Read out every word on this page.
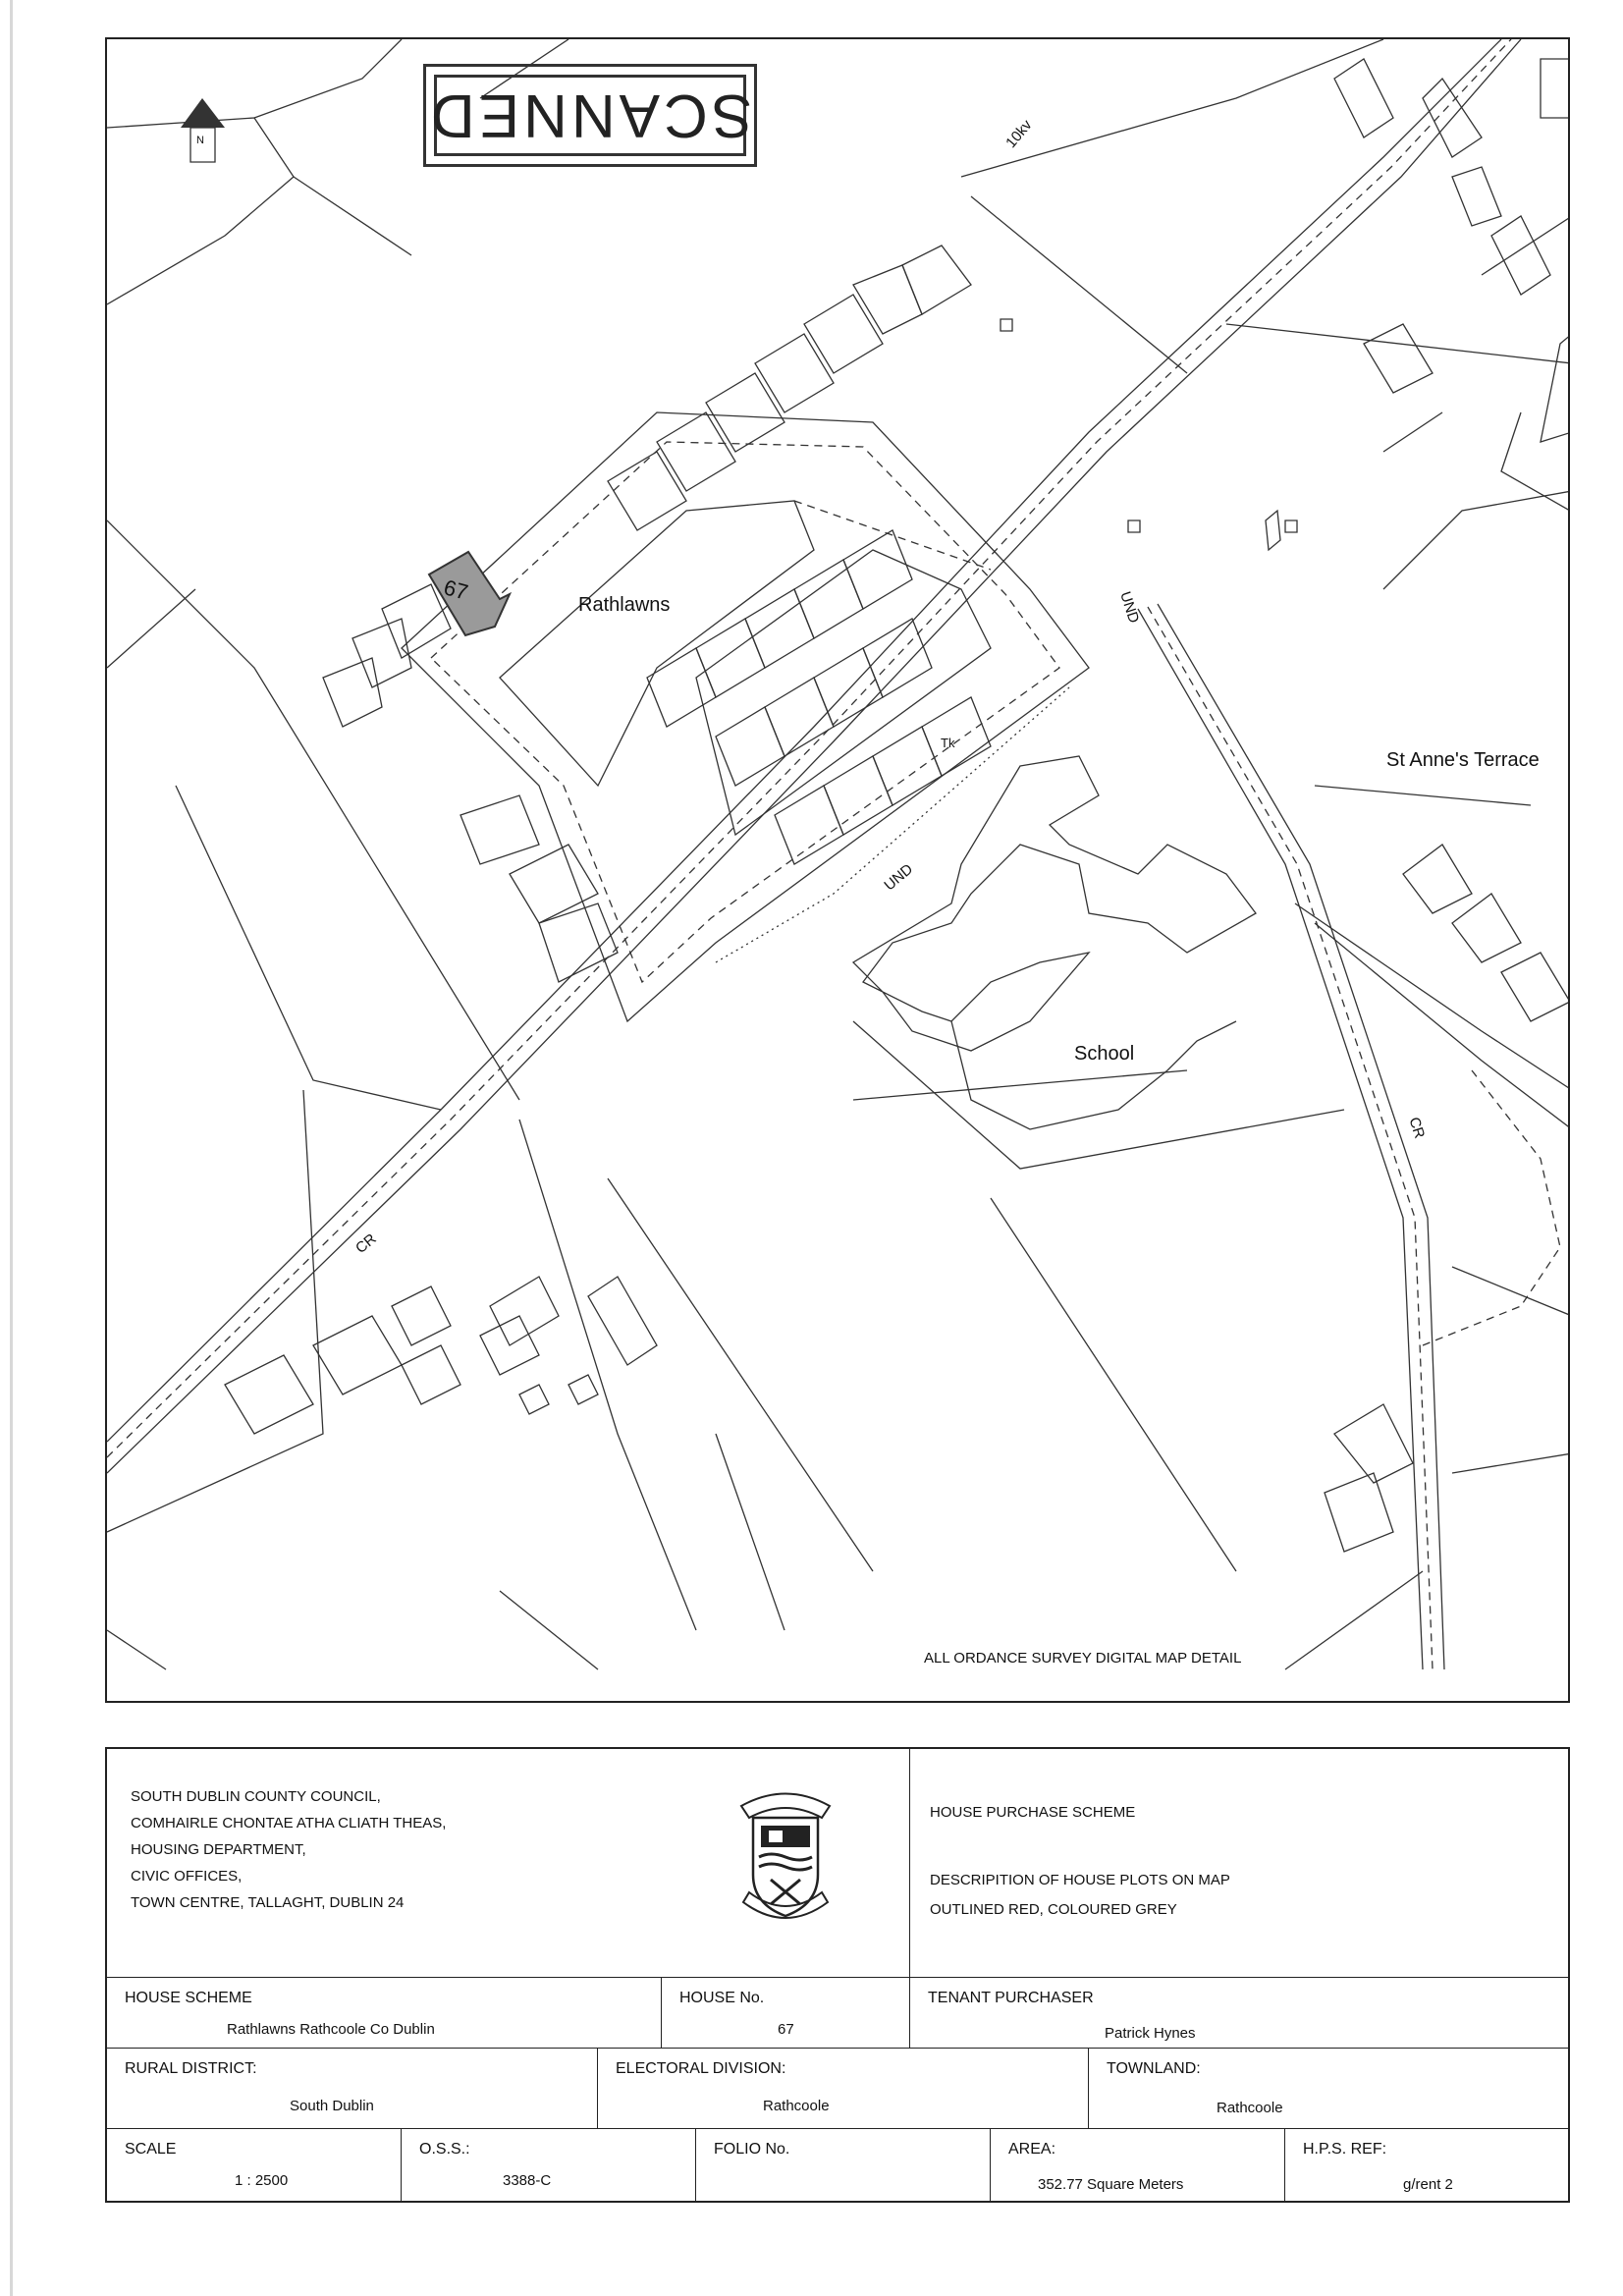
SCANNED
N
Rathlawns
St Anne's Terrace
School
10kv
UND
UND
CR
CR
Tk
67
ALL ORDANCE SURVEY DIGITAL MAP DETAIL
SOUTH DUBLIN COUNTY COUNCIL,
COMHAIRLE CHONTAE ATHA CLIATH THEAS,
HOUSING DEPARTMENT,
CIVIC OFFICES,
TOWN CENTRE, TALLAGHT, DUBLIN 24
HOUSE PURCHASE SCHEME
DESCRIPITION OF HOUSE PLOTS ON MAP
OUTLINED RED, COLOURED GREY
HOUSE SCHEME
Rathlawns Rathcoole Co Dublin
HOUSE No.
67
TENANT PURCHASER
Patrick Hynes
RURAL DISTRICT:
South Dublin
ELECTORAL DIVISION:
Rathcoole
TOWNLAND:
Rathcoole
SCALE
1 : 2500
O.S.S.:
3388-C
FOLIO No.	AREA:
352.77 Square Meters
H.P.S. REF:
g/rent 2
